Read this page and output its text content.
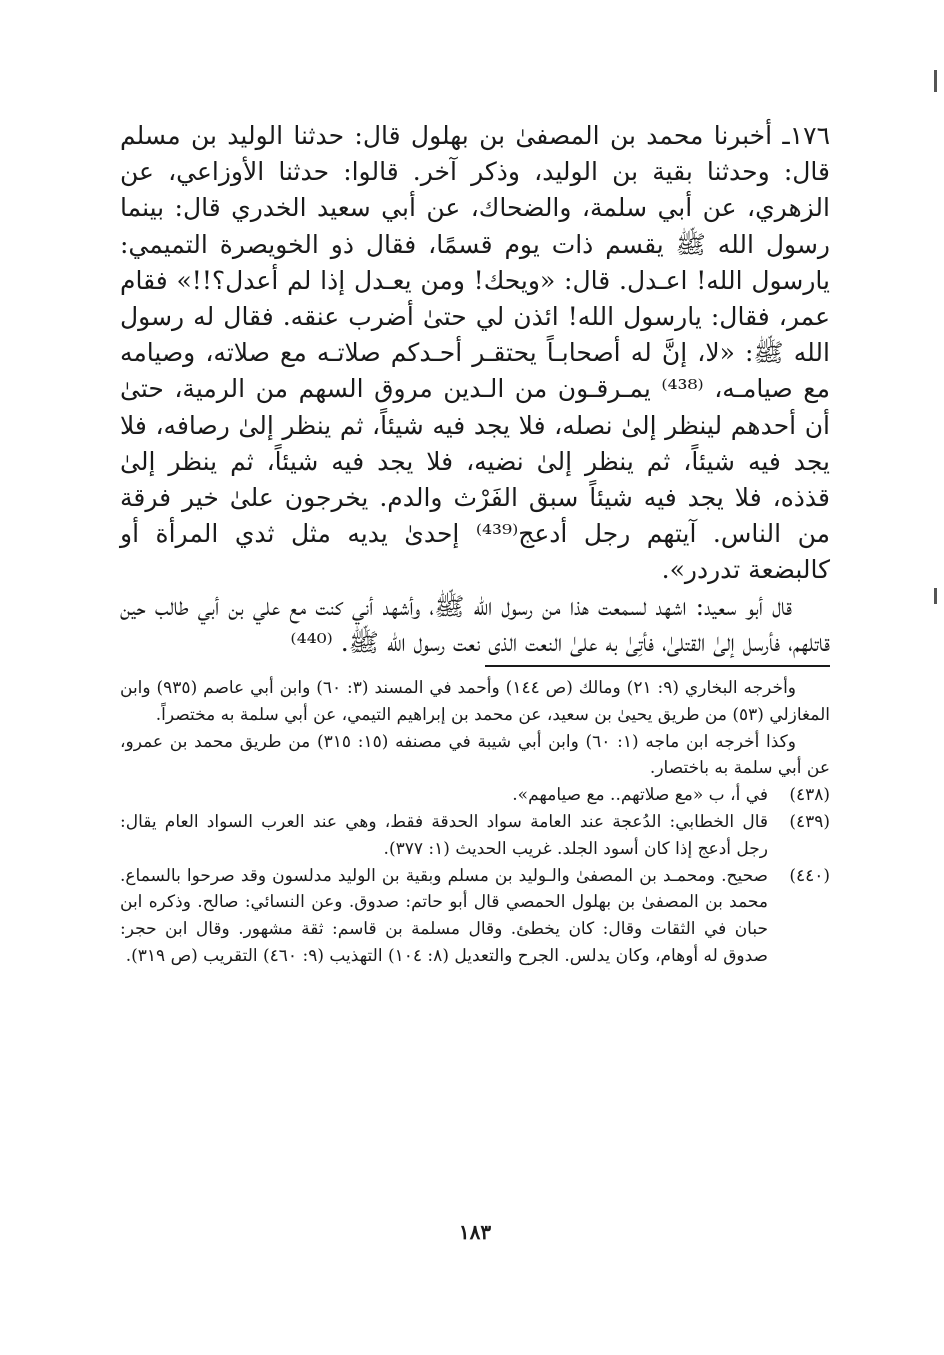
١٧٦ـ أخبرنا محمد بن المصفىٰ بن بهلول قال: حدثنا الوليد بن مسلم قال: وحدثنا بقية بن الوليد، وذكر آخر. قالوا: حدثنا الأوزاعي، عن الزهري، عن أبي سلمة، والضحاك، عن أبي سعيد الخدري قال: بينما رسول الله ﷺ يقسم ذات يوم قسمًا، فقال ذو الخويصرة التميمي: يارسول الله! اعـدل. قال: «ويحك! ومن يعـدل إذا لم أعدل؟!!» فقام عمر، فقال: يارسول الله! ائذن لي حتىٰ أضرب عنقه. فقال له رسول الله ﷺ: «لا، إنَّ له أصحابـاً يحتقـر أحـدكم صلاتـه مع صلاته، وصيامه مع صيامـه، ⁽⁴³⁸⁾ يمـرقـون من الـدين مروق السهم من الرمية، حتىٰ أن أحدهم لينظر إلىٰ نصله، فلا يجد فيه شيئاً، ثم ينظر إلىٰ رصافه، فلا يجد فيه شيئاً، ثم ينظر إلىٰ نضيه، فلا يجد فيه شيئاً، ثم ينظر إلىٰ قذذه، فلا يجد فيه شيئاً سبق الفَرْث والدم. يخرجون علىٰ خير فرقة من الناس. آيتهم رجل أدعج⁽⁴³⁹⁾ إحدىٰ يديه مثل ثدي المرأة أو كالبضعة تدردر».

قال أبو سعيد: اشهد لسمعت هذا من رسول الله ﷺ، وأشهد أني كنت مع علي بن أبي طالب حين قاتلهم، فأرسل إلىٰ القتلىٰ، فأتِىٰ به علىٰ النعت الذى نعت رسول الله ﷺ. ⁽⁴⁴⁰⁾

وأخرجه البخاري (٩: ٢١) ومالك (ص ١٤٤) وأحمد في المسند (٣: ٦٠) وابن أبي عاصم (٩٣٥) وابن المغازلي (٥٣) من طريق يحيىٰ بن سعيد، عن محمد بن إبراهيم التيمي، عن أبي سلمة به مختصراً.

وكذا أخرجه ابن ماجه (١: ٦٠) وابن أبي شيبة في مصنفه (١٥: ٣١٥) من طريق محمد بن عمرو، عن أبي سلمة به باختصار.

(٤٣٨)
في أ، ب «مع صلاتهم.. مع صيامهم».
(٤٣٩)
قال الخطابي: الدُعجة عند العامة سواد الحدقة فقط، وهي عند العرب السواد العام يقال: رجل أدعج إذا كان أسود الجلد. غريب الحديث (١: ٣٧٧).
(٤٤٠)
صحيح. ومحمـد بن المصفىٰ والـوليد بن مسلم وبقية بن الوليد مدلسون وقد صرحوا بالسماع. محمد بن المصفىٰ بن بهلول الحمصي قال أبو حاتم: صدوق. وعن النسائي: صالح. وذكره ابن حبان في الثقات وقال: كان يخطئ. وقال مسلمة بن قاسم: ثقة مشهور. وقال ابن حجر: صدوق له أوهام، وكان يدلس. الجرح والتعديل (٨: ١٠٤) التهذيب (٩: ٤٦٠) التقريب (ص ٣١٩).
١٨٣
